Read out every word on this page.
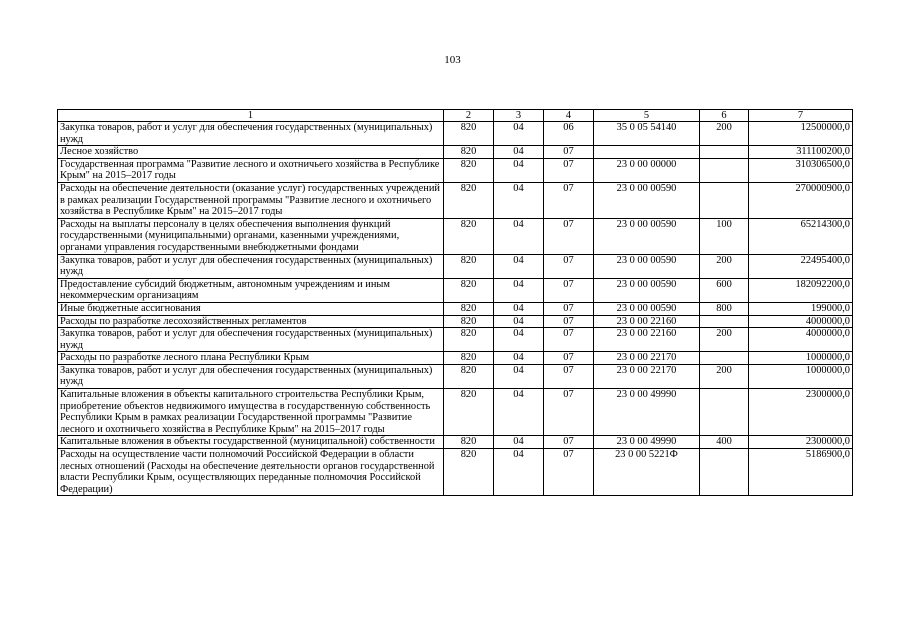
103
1	2	3	4	5	6	7
Закупка товаров, работ и услуг для обеспечения государственных (муниципальных) нужд	820	04	06	35 0 05 54140	200	12500000,0
Лесное хозяйство	820	04	07			311100200,0
Государственная программа "Развитие лесного и охотничьего хозяйства в Республике Крым" на 2015–2017 годы	820	04	07	23 0 00 00000		310306500,0
Расходы на обеспечение деятельности (оказание услуг) государственных учреждений в рамках реализации Государственной программы "Развитие лесного и охотничьего хозяйства в Республике Крым" на 2015–2017 годы	820	04	07	23 0 00 00590		270000900,0
Расходы на выплаты персоналу в целях обеспечения выполнения функций государственными (муниципальными) органами, казенными учреждениями, органами управления государственными внебюджетными фондами	820	04	07	23 0 00 00590	100	65214300,0
Закупка товаров, работ и услуг для обеспечения государственных (муниципальных) нужд	820	04	07	23 0 00 00590	200	22495400,0
Предоставление субсидий бюджетным, автономным учреждениям и иным некоммерческим организациям	820	04	07	23 0 00 00590	600	182092200,0
Иные бюджетные ассигнования	820	04	07	23 0 00 00590	800	199000,0
Расходы по разработке лесохозяйственных регламентов	820	04	07	23 0 00 22160		4000000,0
Закупка товаров, работ и услуг для обеспечения государственных (муниципальных) нужд	820	04	07	23 0 00 22160	200	4000000,0
Расходы по разработке лесного плана Республики Крым	820	04	07	23 0 00 22170		1000000,0
Закупка товаров, работ и услуг для обеспечения государственных (муниципальных) нужд	820	04	07	23 0 00 22170	200	1000000,0
Капитальные вложения в объекты капитального строительства Республики Крым, приобретение объектов недвижимого имущества в государственную собственность Республики Крым в рамках реализации Государственной программы "Развитие лесного и охотничьего хозяйства в Республике Крым" на 2015–2017 годы	820	04	07	23 0 00 49990		2300000,0
Капитальные вложения в объекты государственной (муниципальной) собственности	820	04	07	23 0 00 49990	400	2300000,0
Расходы на осуществление части полномочий Российской Федерации в области лесных отношений (Расходы на обеспечение деятельности органов государственной власти Республики Крым, осуществляющих переданные полномочия Российской Федерации)	820	04	07	23 0 00 5221Ф		5186900,0
